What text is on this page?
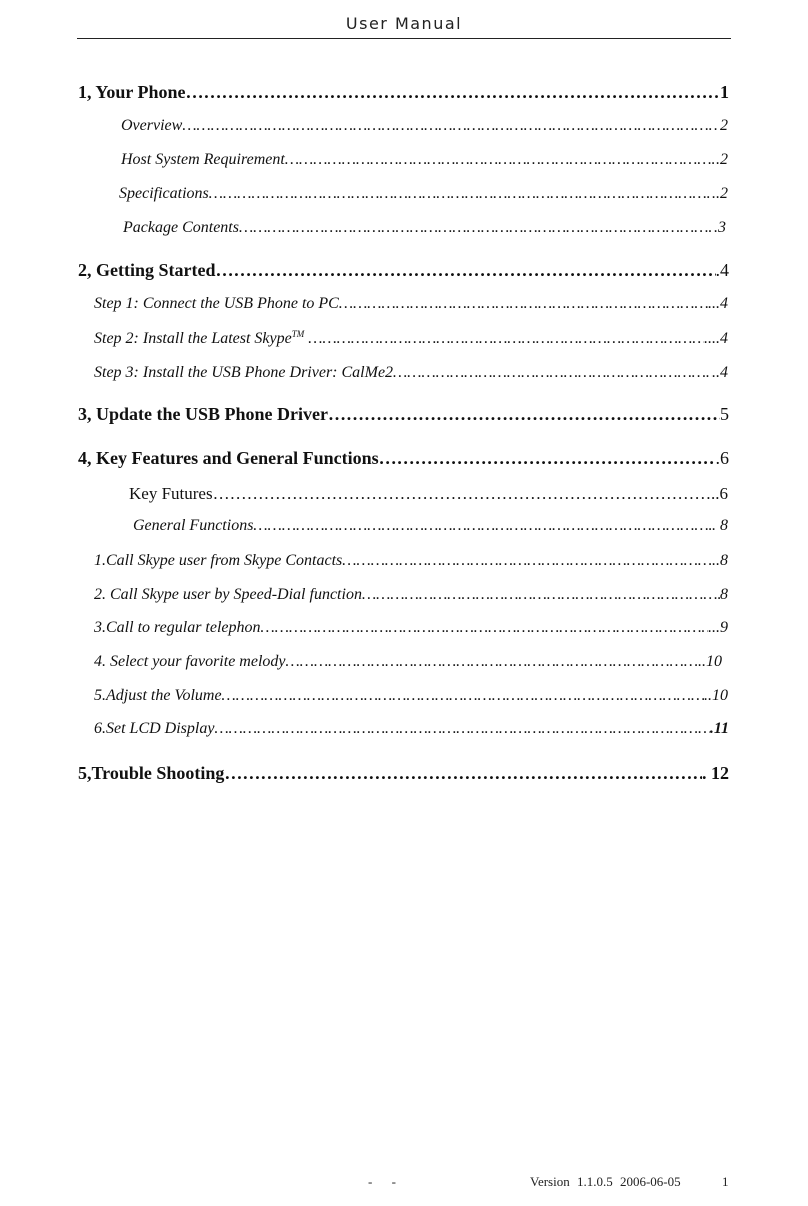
User Manual
1, Your Phone ………………………………………………………………………………………………………………………………………………………………	1
Overview ………………………………………………………………………………………………………………………………………………………………	2
Host System Requirement ………………………………………………………………………………………………………………………………………………………………	.2
Specifications ………………………………………………………………………………………………………………………………………………………………	.2
Package Contents ………………………………………………………………………………………………………………………………………………………………	.3
2, Getting Started ………………………………………………………………………………………………………………………………………………………………	.4
Step 1: Connect the USB Phone to PC ………………………………………………………………………………………………………………………………………………………………	...4
Step 2: Install the Latest Skype™ ………………………………………………………………………………………………………………………………………………………………	....4
Step 3: Install the USB Phone Driver: CalMe2 ………………………………………………………………………………………………………………………………………………………………	..4
3, Update the USB Phone Driver ………………………………………………………………………………………………………………………………………………………………	5
4, Key Features and General Functions ………………………………………………………………………………………………………………………………………………………………	.6
Key Futures ………………………………………………………………………………………………………………………………………………………………	..6
General Functions ………………………………………………………………………………………………………………………………………………………………	. 8
1.Call Skype user from Skype Contacts ………………………………………………………………………………………………………………………………………………………………	..8
2. Call Skype user by Speed-Dial function ………………………………………………………………………………………………………………………………………………………………	8
3.Call to regular telephon ………………………………………………………………………………………………………………………………………………………………	...9
4. Select your favorite melody ………………………………………………………………………………………………………………………………………………………………	.10
5.Adjust the Volume ………………………………………………………………………………………………………………………………………………………………	..10
6.Set LCD Display ………………………………………………………………………………………………………………………………………………………………	.11
5,Trouble Shooting ………………………………………………………………………………………………………………………………………………………………	. 12
- -	Version 1.1.0.5 2006-06-05	1
